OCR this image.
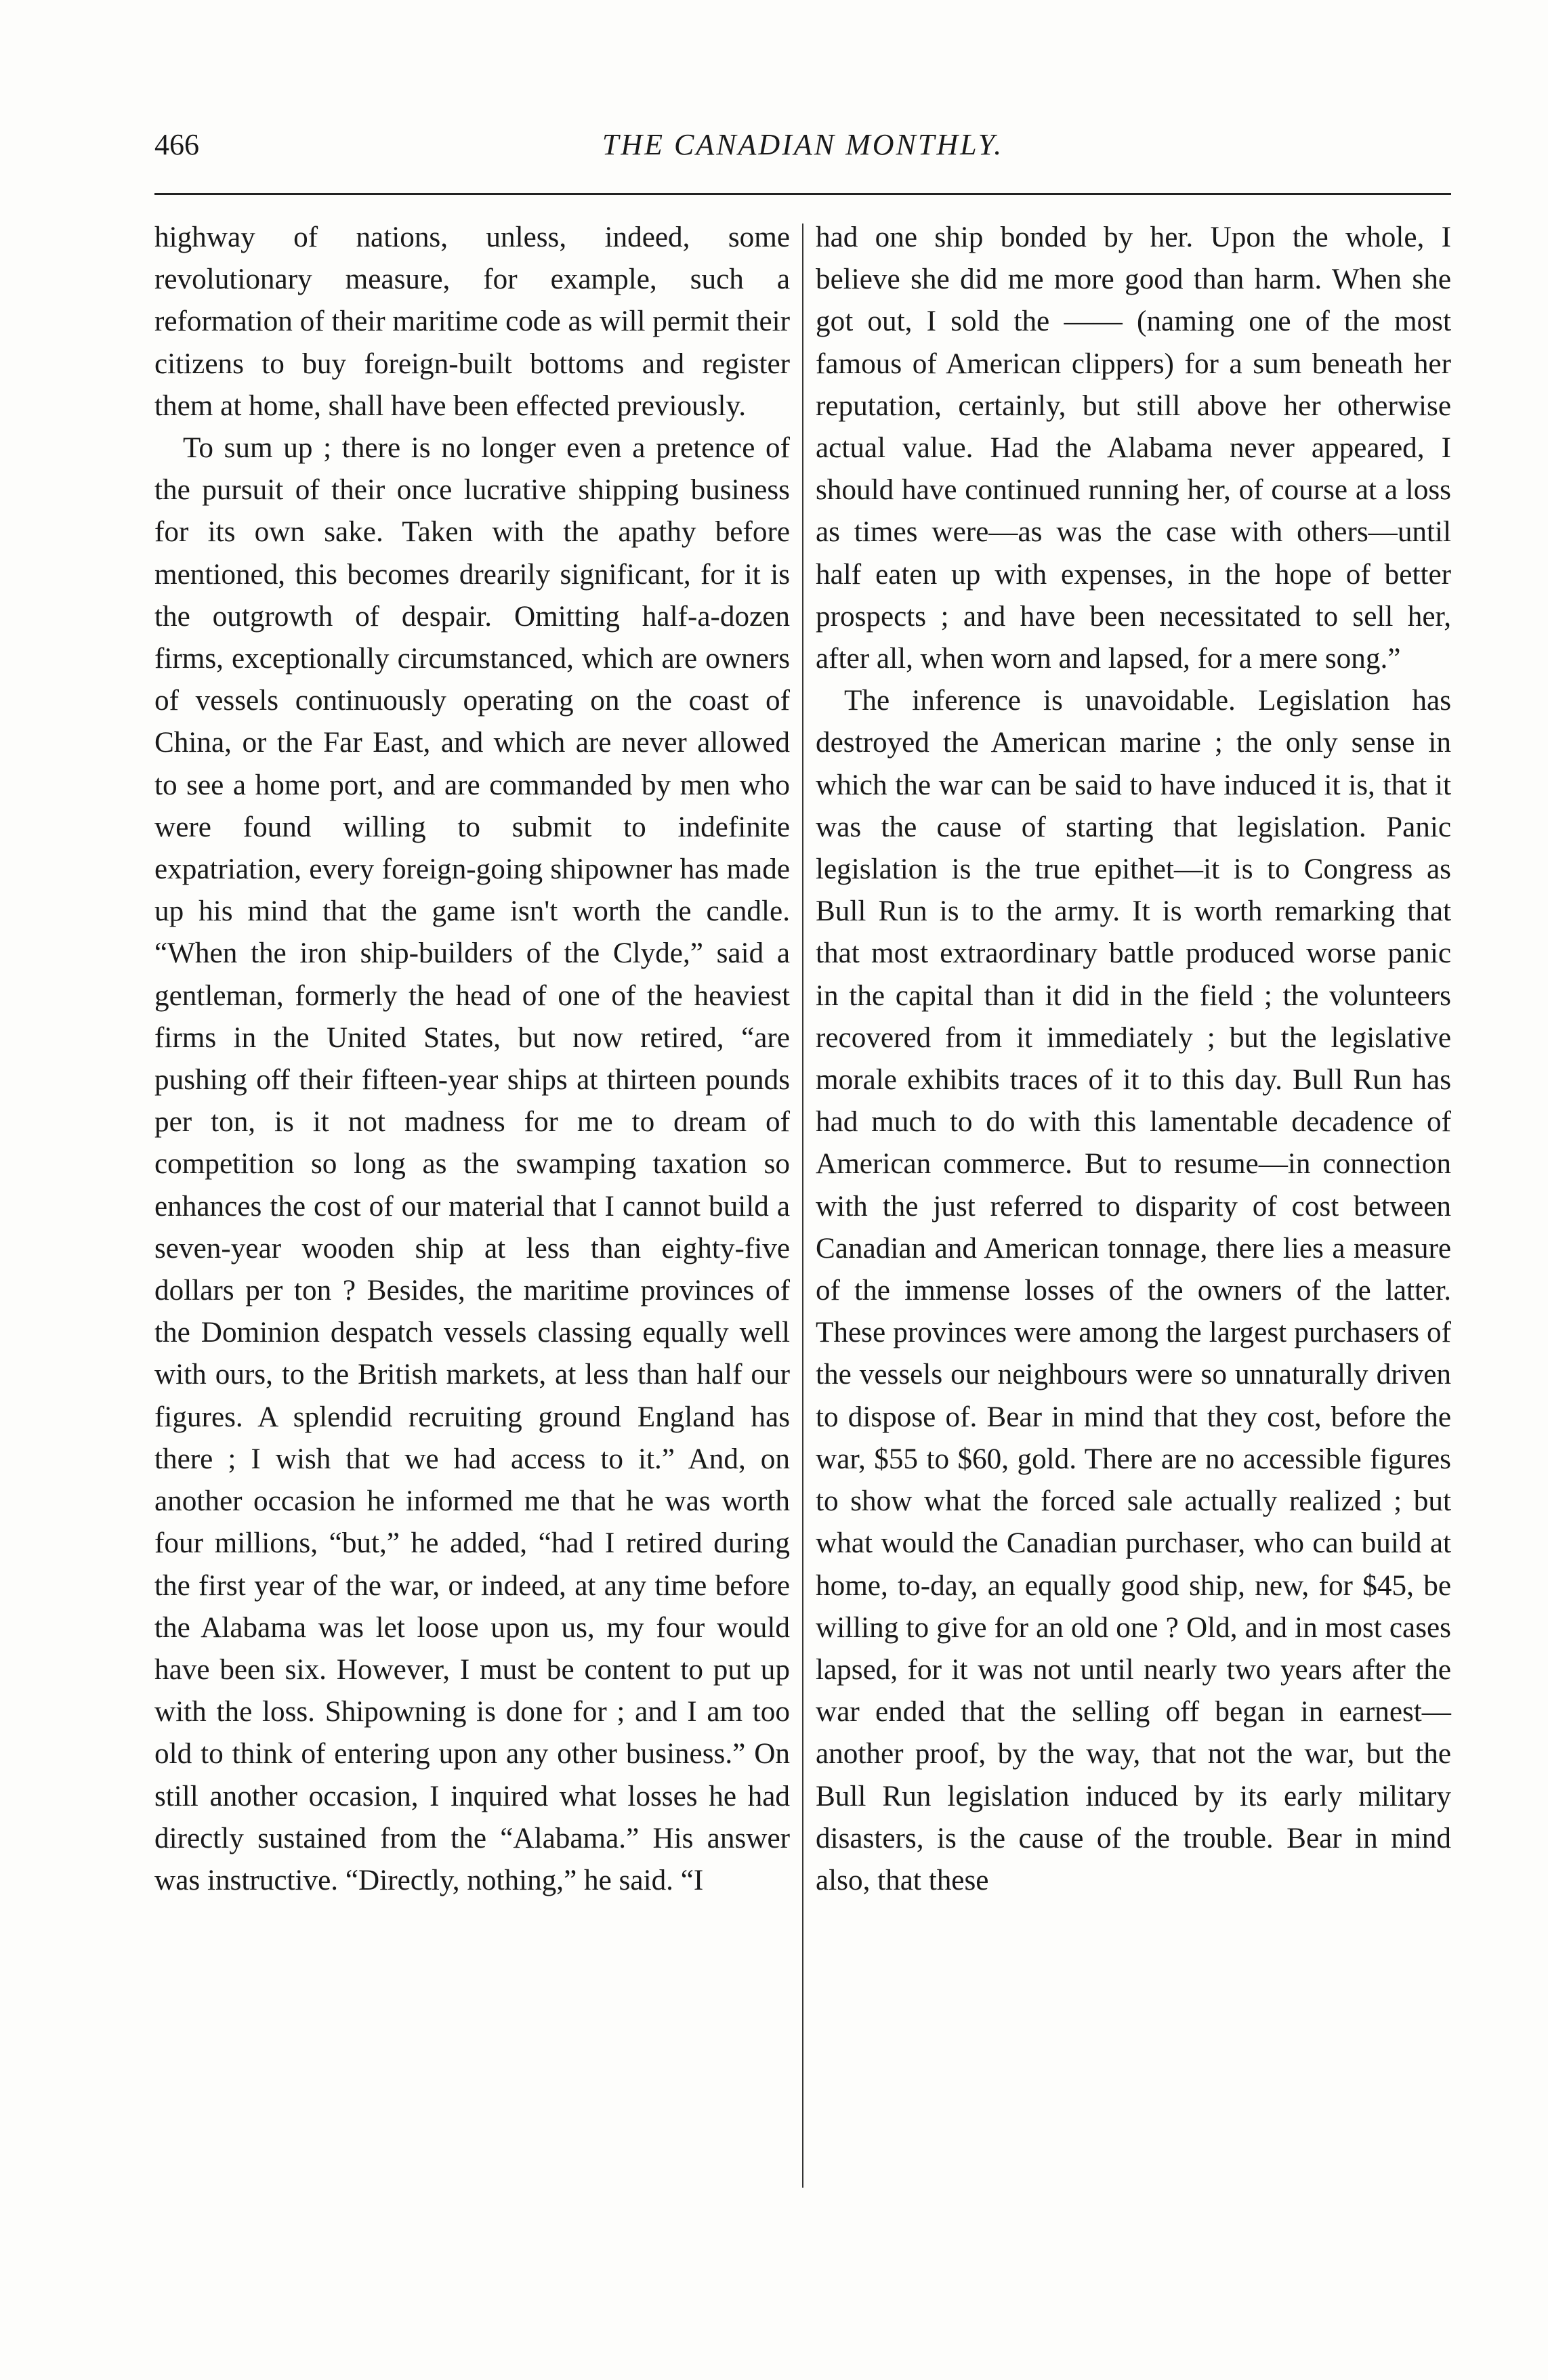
466	THE CANADIAN MONTHLY.

highway of nations, unless, indeed, some revolutionary measure, for example, such a reformation of their maritime code as will permit their citizens to buy foreign-built bottoms and register them at home, shall have been effected previously.

To sum up ; there is no longer even a pretence of the pursuit of their once lucrative shipping business for its own sake. Taken with the apathy before mentioned, this becomes drearily significant, for it is the outgrowth of despair. Omitting half-a-dozen firms, exceptionally circumstanced, which are owners of vessels continuously operating on the coast of China, or the Far East, and which are never allowed to see a home port, and are commanded by men who were found willing to submit to indefinite expatriation, every foreign-going shipowner has made up his mind that the game isn't worth the candle. “When the iron ship-builders of the Clyde,” said a gentleman, formerly the head of one of the heaviest firms in the United States, but now retired, “are pushing off their fifteen-year ships at thirteen pounds per ton, is it not madness for me to dream of competition so long as the swamping taxation so enhances the cost of our material that I cannot build a seven-year wooden ship at less than eighty-five dollars per ton ? Besides, the maritime provinces of the Dominion despatch vessels classing equally well with ours, to the British markets, at less than half our figures. A splendid recruiting ground England has there ; I wish that we had access to it.” And, on another occasion he informed me that he was worth four millions, “but,” he added, “had I retired during the first year of the war, or indeed, at any time before the Alabama was let loose upon us, my four would have been six. However, I must be content to put up with the loss. Shipowning is done for ; and I am too old to think of entering upon any other business.” On still another occasion, I inquired what losses he had directly sustained from the “Alabama.” His answer was instructive. “Directly, nothing,” he said. “I

had one ship bonded by her. Upon the whole, I believe she did me more good than harm. When she got out, I sold the —— (naming one of the most famous of American clippers) for a sum beneath her reputation, certainly, but still above her otherwise actual value. Had the Alabama never appeared, I should have continued running her, of course at a loss as times were—as was the case with others—until half eaten up with expenses, in the hope of better prospects ; and have been necessitated to sell her, after all, when worn and lapsed, for a mere song.”

The inference is unavoidable. Legislation has destroyed the American marine ; the only sense in which the war can be said to have induced it is, that it was the cause of starting that legislation. Panic legislation is the true epithet—it is to Congress as Bull Run is to the army. It is worth remarking that that most extraordinary battle produced worse panic in the capital than it did in the field ; the volunteers recovered from it immediately ; but the legislative morale exhibits traces of it to this day. Bull Run has had much to do with this lamentable decadence of American commerce. But to resume—in connection with the just referred to disparity of cost between Canadian and American tonnage, there lies a measure of the immense losses of the owners of the latter. These provinces were among the largest purchasers of the vessels our neighbours were so unnaturally driven to dispose of. Bear in mind that they cost, before the war, $55 to $60, gold. There are no accessible figures to show what the forced sale actually realized ; but what would the Canadian purchaser, who can build at home, to-day, an equally good ship, new, for $45, be willing to give for an old one ? Old, and in most cases lapsed, for it was not until nearly two years after the war ended that the selling off began in earnest—another proof, by the way, that not the war, but the Bull Run legislation induced by its early military disasters, is the cause of the trouble. Bear in mind also, that these
